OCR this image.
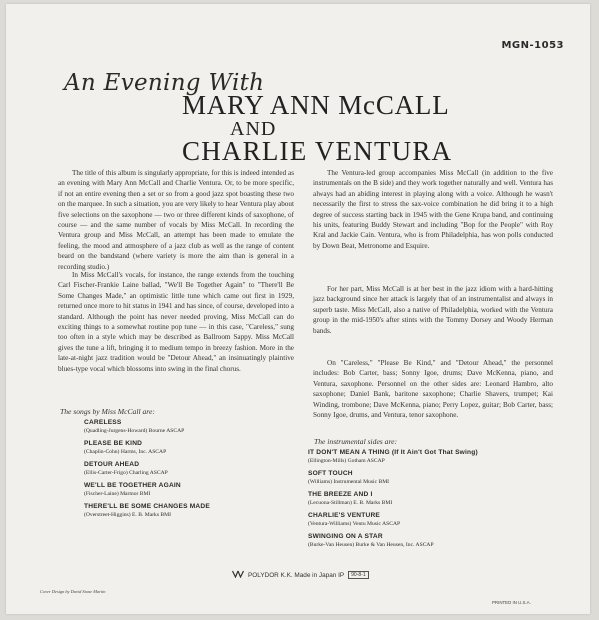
MGN-1053
An Evening With
MARY ANN McCALL
AND
CHARLIE VENTURA

The title of this album is singularly appropriate, for this is indeed intended as an evening with Mary Ann McCall and Charlie Ventura. Or, to be more specific, if not an entire evening then a set or so from a good jazz spot boasting these two on the marquee. In such a situation, you are very likely to hear Ventura play about five selections on the saxophone — two or three different kinds of saxophone, of course — and the same number of vocals by Miss McCall. In recording the Ventura group and Miss McCall, an attempt has been made to emulate the feeling, the mood and atmosphere of a jazz club as well as the range of content beard on the bandstand (where variety is more the aim than is general in a recording studio.)

In Miss McCall's vocals, for instance, the range extends from the touching Carl Fischer-Frankie Laine ballad, "We'll Be Together Again" to "There'll Be Some Changes Made," an optimistic little tune which came out first in 1929, returned once more to hit status in 1941 and has since, of course, developed into a standard. Although the point has never needed proving, Miss McCall can do exciting things to a somewhat routine pop tune — in this case, "Careless," sung too often in a style which may be described as Ballroom Sappy. Miss McCall gives the tune a lift, bringing it to medium tempo in breezy fashion. More in the late-at-night jazz tradition would be "Detour Ahead," an insinuatingly plaintive blues-type vocal which blossoms into swing in the final chorus.

The songs by Miss McCall are:
CARELESS
(Quadling-Jurgens-Howard) Bourne ASCAP
PLEASE BE KIND
(Chaplin-Cohn) Harms, Inc. ASCAP
DETOUR AHEAD
(Ellis-Carter-Frigo) Charling ASCAP
WE'LL BE TOGETHER AGAIN
(Fischer-Laine) Marmor BMI
THERE'LL BE SOME CHANGES MADE
(Overstreet-Higgins) E. B. Marks BMI

The Ventura-led group accompanies Miss McCall (in addition to the five instrumentals on the B side) and they work together naturally and well. Ventura has always had an abiding interest in playing along with a voice. Although he wasn't necessarily the first to stress the sax-voice combination he did bring it to a high degree of success starting back in 1945 with the Gene Krupa band, and continuing his units, featuring Buddy Stewart and including "Bop for the People" with Roy Kral and Jackie Cain. Ventura, who is from Philadelphia, has won polls conducted by Down Beat, Metronome and Esquire.

For her part, Miss McCall is at her best in the jazz idiom with a hard-hitting jazz background since her attack is largely that of an instrumentalist and always in superb taste. Miss McCall, also a native of Philadelphia, worked with the Ventura group in the mid-1950's after stints with the Tommy Dorsey and Woody Herman bands.

On "Careless," "Please Be Kind," and "Detour Ahead," the personnel includes: Bob Carter, bass; Sonny Igoe, drums; Dave McKenna, piano, and Ventura, saxophone. Personnel on the other sides are: Leonard Hambro, alto saxophone; Daniel Bank, baritone saxophone; Charlie Shavers, trumpet; Kai Winding, trombone; Dave McKenna, piano; Perry Lopez, guitar; Bob Carter, bass; Sonny Igoe, drums, and Ventura, tenor saxophone.

The instrumental sides are:
IT DON'T MEAN A THING (If It Ain't Got That Swing)
(Ellington-Mills) Gotham ASCAP
SOFT TOUCH
(Williams) Instrumental Music BMI
THE BREEZE AND I
(Lecuona-Stillman) E. B. Marks BMI
CHARLIE'S VENTURE
(Ventura-Williams) Ventu Music ASCAP
SWINGING ON A STAR
(Burke-Van Heusen) Burke & Van Heusen, Inc. ASCAP
Cover Design by David Stone Martin
POLYDOR K.K. Made in Japan IP	90-8-1
PRINTED IN U.S.A.
